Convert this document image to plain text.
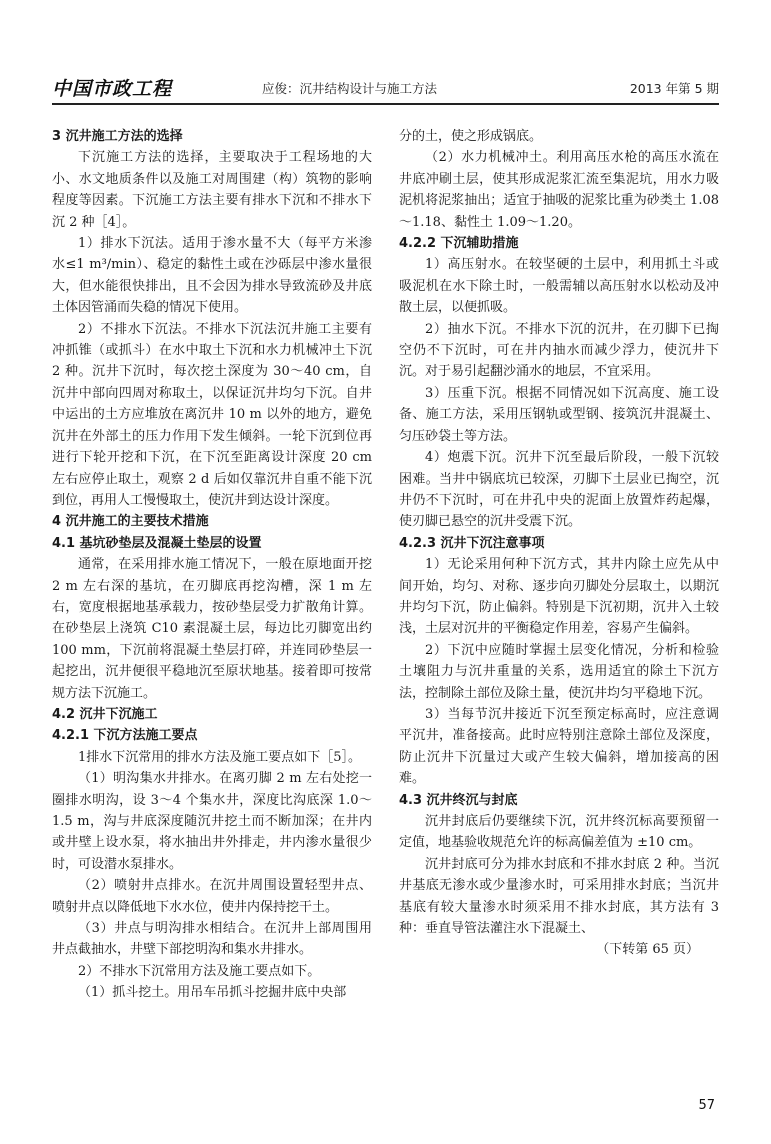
中国市政工程	应俊：沉井结构设计与施工方法	2013 年第 5 期
3 沉井施工方法的选择

下沉施工方法的选择，主要取决于工程场地的大小、水文地质条件以及施工对周围建（构）筑物的影响程度等因素。下沉施工方法主要有排水下沉和不排水下沉 2 种［4］。

1）排水下沉法。适用于渗水量不大（每平方米渗水≤1 m³/min）、稳定的黏性土或在沙砾层中渗水量很大，但水能很快排出，且不会因为排水导致流砂及井底土体因管涌而失稳的情况下使用。

2）不排水下沉法。不排水下沉法沉井施工主要有冲抓锥（或抓斗）在水中取土下沉和水力机械冲土下沉 2 种。沉井下沉时，每次挖土深度为 30～40 cm，自沉井中部向四周对称取土，以保证沉井均匀下沉。自井中运出的土方应堆放在离沉井 10 m 以外的地方，避免沉井在外部土的压力作用下发生倾斜。一轮下沉到位再进行下轮开挖和下沉，在下沉至距离设计深度 20 cm 左右应停止取土，观察 2 d 后如仅靠沉井自重不能下沉到位，再用人工慢慢取土，使沉井到达设计深度。

4 沉井施工的主要技术措施
4.1 基坑砂垫层及混凝土垫层的设置

通常，在采用排水施工情况下，一般在原地面开挖 2 m 左右深的基坑，在刃脚底再挖沟槽，深 1 m 左右，宽度根据地基承载力，按砂垫层受力扩散角计算。在砂垫层上浇筑 C10 素混凝土层，每边比刃脚宽出约 100 mm，下沉前将混凝土垫层打碎，并连同砂垫层一起挖出，沉井便很平稳地沉至原状地基。接着即可按常规方法下沉施工。

4.2 沉井下沉施工
4.2.1 下沉方法施工要点

1排水下沉常用的排水方法及施工要点如下［5］。

（1）明沟集水井排水。在离刃脚 2 m 左右处挖一圈排水明沟，设 3～4 个集水井，深度比沟底深 1.0～1.5 m，沟与井底深度随沉井挖土而不断加深；在井内或井壁上设水泵，将水抽出井外排走，井内渗水量很少时，可设潜水泵排水。

（2）喷射井点排水。在沉井周围设置轻型井点、喷射井点以降低地下水水位，使井内保持挖干土。

（3）井点与明沟排水相结合。在沉井上部周围用井点截抽水，井壁下部挖明沟和集水井排水。

2）不排水下沉常用方法及施工要点如下。

（1）抓斗挖土。用吊车吊抓斗挖掘井底中央部

分的土，使之形成锅底。

（2）水力机械冲土。利用高压水枪的高压水流在井底冲刷土层，使其形成泥浆汇流至集泥坑，用水力吸泥机将泥浆抽出；适宜于抽吸的泥浆比重为砂类土 1.08～1.18、黏性土 1.09～1.20。

4.2.2 下沉辅助措施

1）高压射水。在较坚硬的土层中，利用抓土斗或吸泥机在水下除土时，一般需辅以高压射水以松动及冲散土层，以便抓吸。

2）抽水下沉。不排水下沉的沉井，在刃脚下已掏空仍不下沉时，可在井内抽水而减少浮力，使沉井下沉。对于易引起翻沙涌水的地层，不宜采用。

3）压重下沉。根据不同情况如下沉高度、施工设备、施工方法，采用压钢轨或型钢、接筑沉井混凝土、匀压砂袋土等方法。

4）炮震下沉。沉井下沉至最后阶段，一般下沉较困难。当井中锅底坑已较深，刃脚下土层业已掏空，沉井仍不下沉时，可在井孔中央的泥面上放置炸药起爆，使刃脚已悬空的沉井受震下沉。

4.2.3 沉井下沉注意事项

1）无论采用何种下沉方式，其井内除土应先从中间开始，均匀、对称、逐步向刃脚处分层取土，以期沉井均匀下沉，防止偏斜。特别是下沉初期，沉井入土较浅，土层对沉井的平衡稳定作用差，容易产生偏斜。

2）下沉中应随时掌握土层变化情况，分析和检验土壤阻力与沉井重量的关系，选用适宜的除土下沉方法，控制除土部位及除土量，使沉井均匀平稳地下沉。

3）当每节沉井接近下沉至预定标高时，应注意调平沉井，准备接高。此时应特别注意除土部位及深度，防止沉井下沉量过大或产生较大偏斜，增加接高的困难。

4.3 沉井终沉与封底

沉井封底后仍要继续下沉，沉井终沉标高要预留一定值，地基验收规范允许的标高偏差值为 ±10 cm。

沉井封底可分为排水封底和不排水封底 2 种。当沉井基底无渗水或少量渗水时，可采用排水封底；当沉井基底有较大量渗水时须采用不排水封底，其方法有 3 种：垂直导管法灌注水下混凝土、

（下转第 65 页）

57
